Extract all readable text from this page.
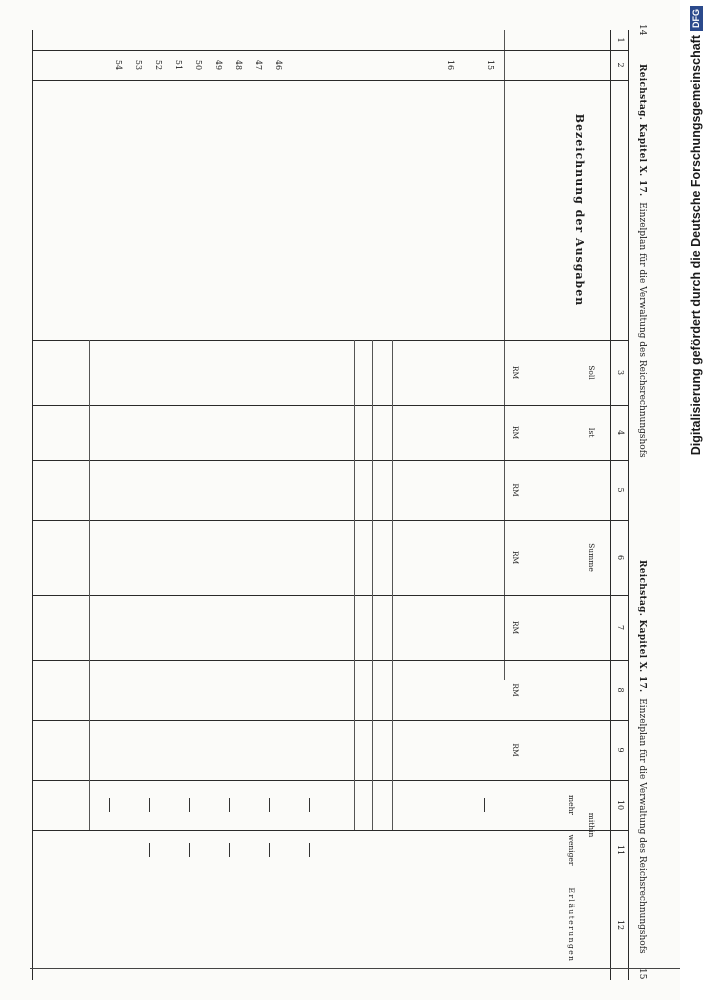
14
Reichstag. Kapitel X. 17.  Einzelplan für die Verwaltung des Reichsrechnungshofs
Reichstag. Kapitel X. 17.  Einzelplan für die Verwaltung des Reichsrechnungshofs
15
1
2
3
4
5
6
7
8
9
10
11
12
Bezeichnung der Ausgaben
Soll
Ist
Summe
mithin
mehr
weniger
Erläuterungen
RM
RM
RM
RM
RM
RM
RM
15
16
46
47
48
49
50
51
52
53
54	Digitalisierung gefördert durch die Deutsche ForschungsgemeinschaftDFG
